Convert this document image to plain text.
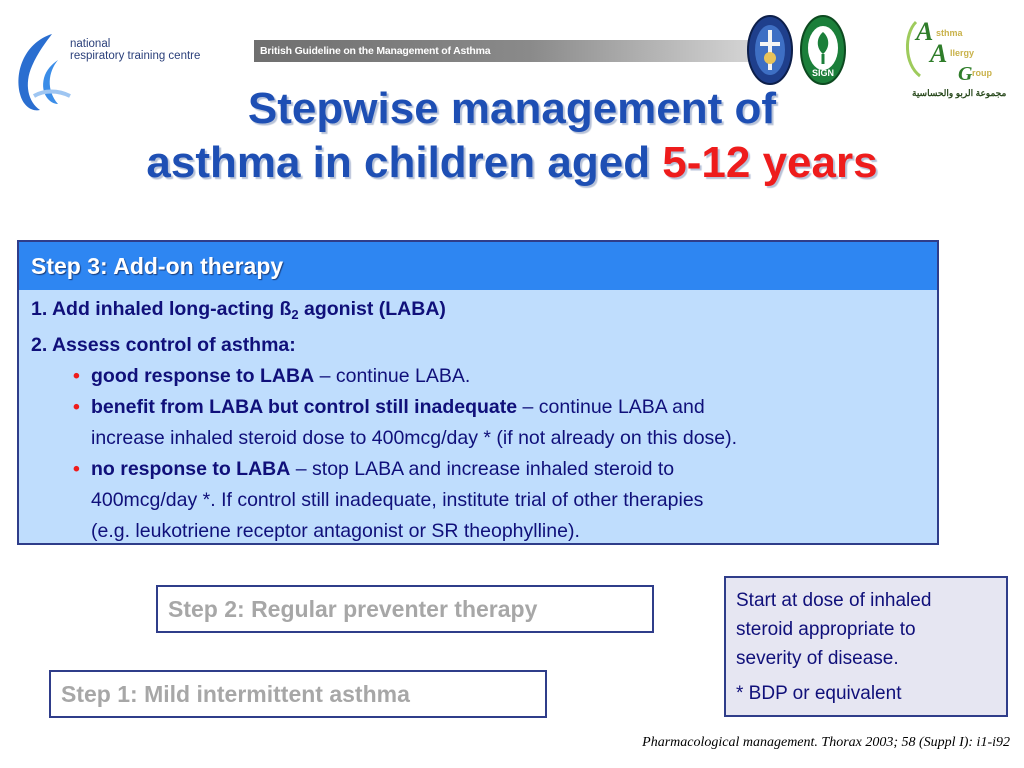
national
respiratory training centre	British Guideline on the Management of Asthma
SIGN
A sthma
A llergy
G roup
مجموعة الربو والحساسية
Stepwise management of
asthma in children aged 5-12 years
Step 3: Add-on therapy
1. Add inhaled long-acting $ß_2$ agonist (LABA)
2. Assess control of asthma:
• good response to LABA – continue LABA.
• benefit from LABA but control still inadequate – continue LABA and
increase inhaled steroid dose to 400mcg/day * (if not already on this dose).
• no response to LABA – stop LABA and increase inhaled steroid to
400mcg/day *. If control still inadequate, institute trial of other therapies
(e.g. leukotriene receptor antagonist or SR theophylline).
Step 2: Regular preventer therapy
Step 1: Mild intermittent asthma
Start at dose of inhaled
steroid appropriate to
severity of disease.
* BDP or equivalent
Pharmacological management. Thorax 2003; 58 (Suppl I): i1-i92
